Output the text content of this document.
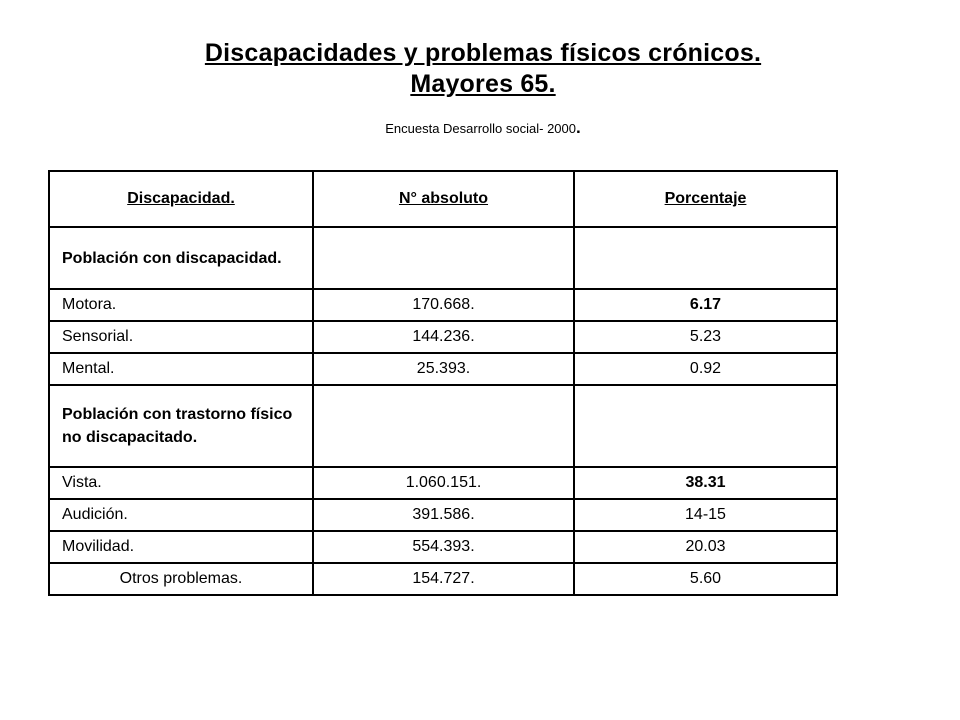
Discapacidades y problemas físicos crónicos.
Mayores 65.
Encuesta Desarrollo social- 2000.
Discapacidad.	N° absoluto	Porcentaje
Población con discapacidad.		
Motora.	170.668.	6.17
Sensorial.	144.236.	5.23
Mental.	25.393.	0.92
Población con trastorno físico no discapacitado.		
Vista.	1.060.151.	38.31
Audición.	391.586.	14-15
Movilidad.	554.393.	20.03
Otros problemas.	154.727.	5.60
